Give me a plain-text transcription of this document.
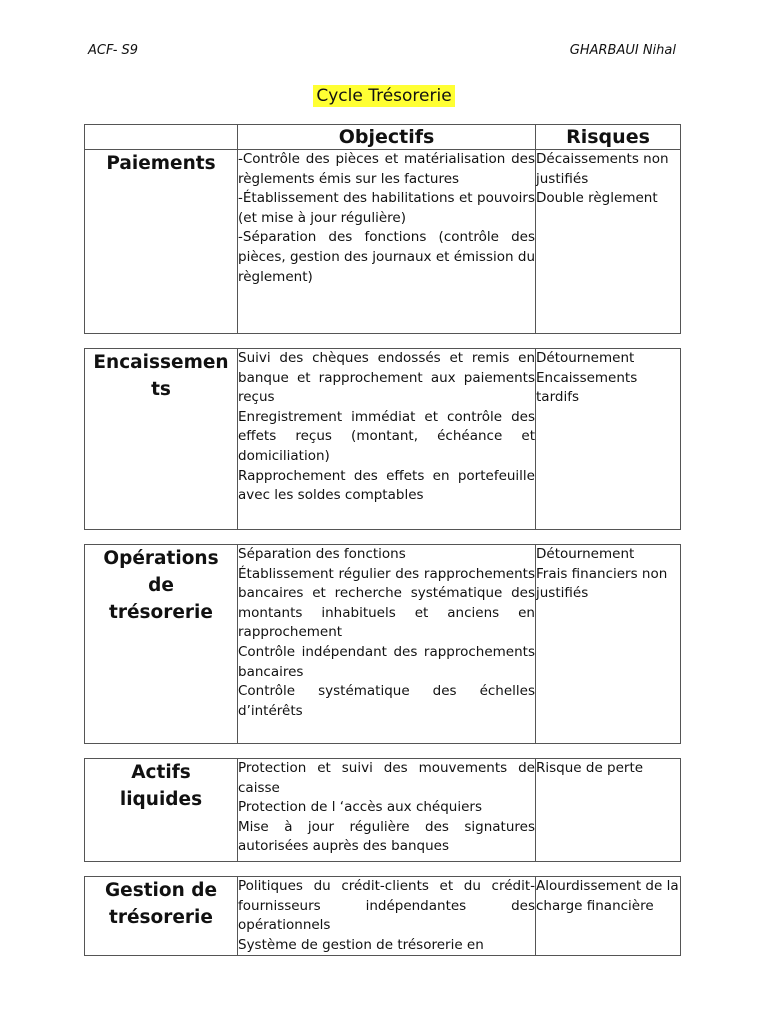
ACF- S9	GHARBAUI Nihal
Cycle Trésorerie
	Objectifs	Risques
Paiements	-Contrôle des pièces et matérialisation des règlements émis sur les factures
-Établissement des habilitations et pouvoirs (et mise à jour régulière)
-Séparation des fonctions (contrôle des pièces, gestion des journaux et émission du règlement)	Décaissements non justifiés
Double règlement

Encaissements	Suivi des chèques endossés et remis en banque et rapprochement aux paiements reçus
Enregistrement immédiat et contrôle des effets reçus (montant, échéance et domiciliation)
Rapprochement des effets en portefeuille avec les soldes comptables	Détournement
Encaissements tardifs

Opérations de trésorerie	Séparation des fonctions
Établissement régulier des rapprochements bancaires et recherche systématique des montants inhabituels et anciens en rapprochement
Contrôle indépendant des rapprochements bancaires
Contrôle systématique des échelles d’intérêts	Détournement
Frais financiers non justifiés

Actifs liquides	Protection et suivi des mouvements de caisse
Protection de l ‘accès aux chéquiers
Mise à jour régulière des signatures autorisées auprès des banques	Risque de perte

Gestion de trésorerie	Politiques du crédit-clients et du crédit-fournisseurs indépendantes des opérationnels
Système de gestion de trésorerie en	Alourdissement de la charge financière
